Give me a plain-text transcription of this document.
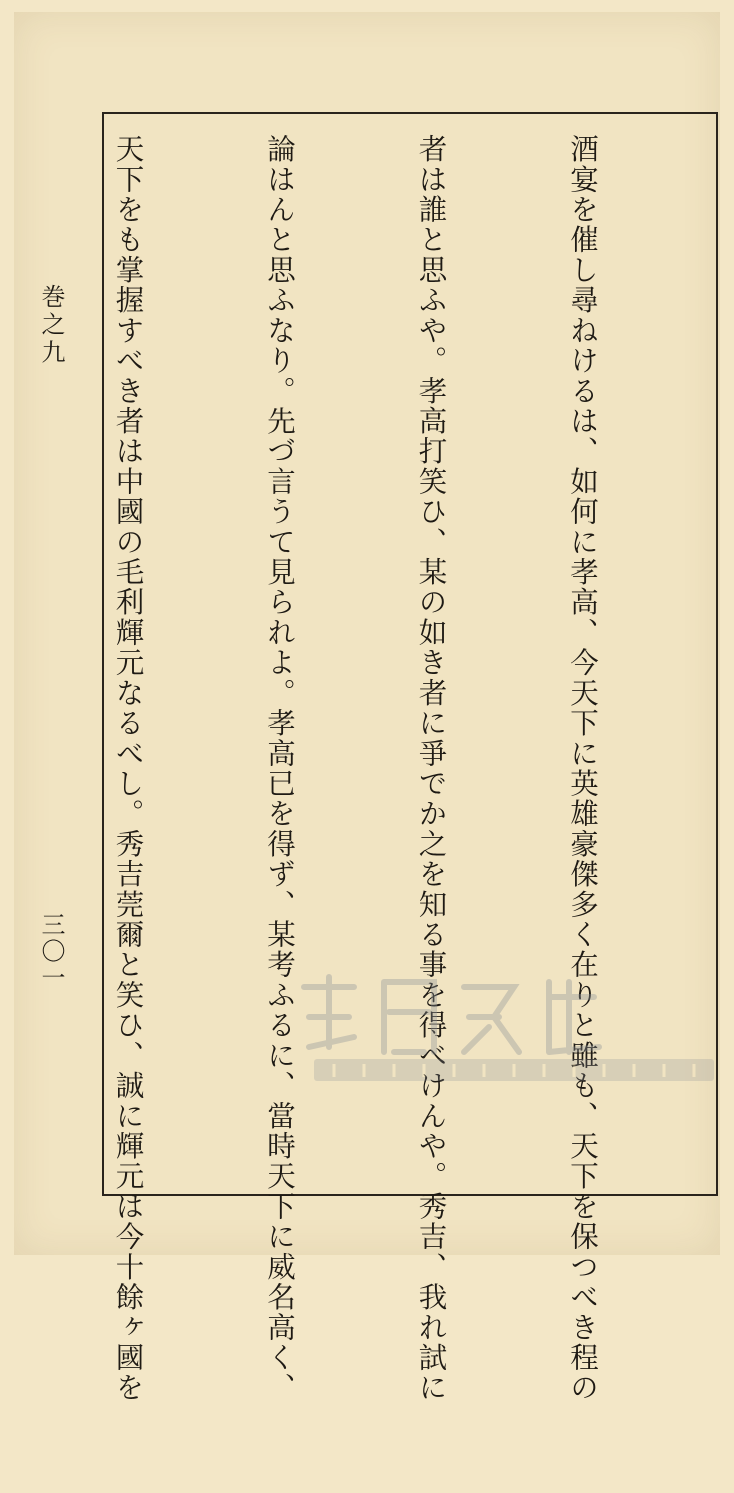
巻之九
三〇一

	酒宴を催し尋ねけるは、如何に孝高、今天下に英雄豪傑多く在りと雖も、天下を保つべき程の

者は誰と思ふや。孝高打笑ひ、某の如き者に爭でか之を知る事を得べけんや。秀吉、我れ試に

論はんと思ふなり。先づ言うて見られよ。孝高已を得ず、某考ふるに、當時天下に威名高く、

天下をも掌握すべき者は中國の毛利輝元なるべし。秀吉莞爾と笑ひ、誠に輝元は今十餘ヶ國を
